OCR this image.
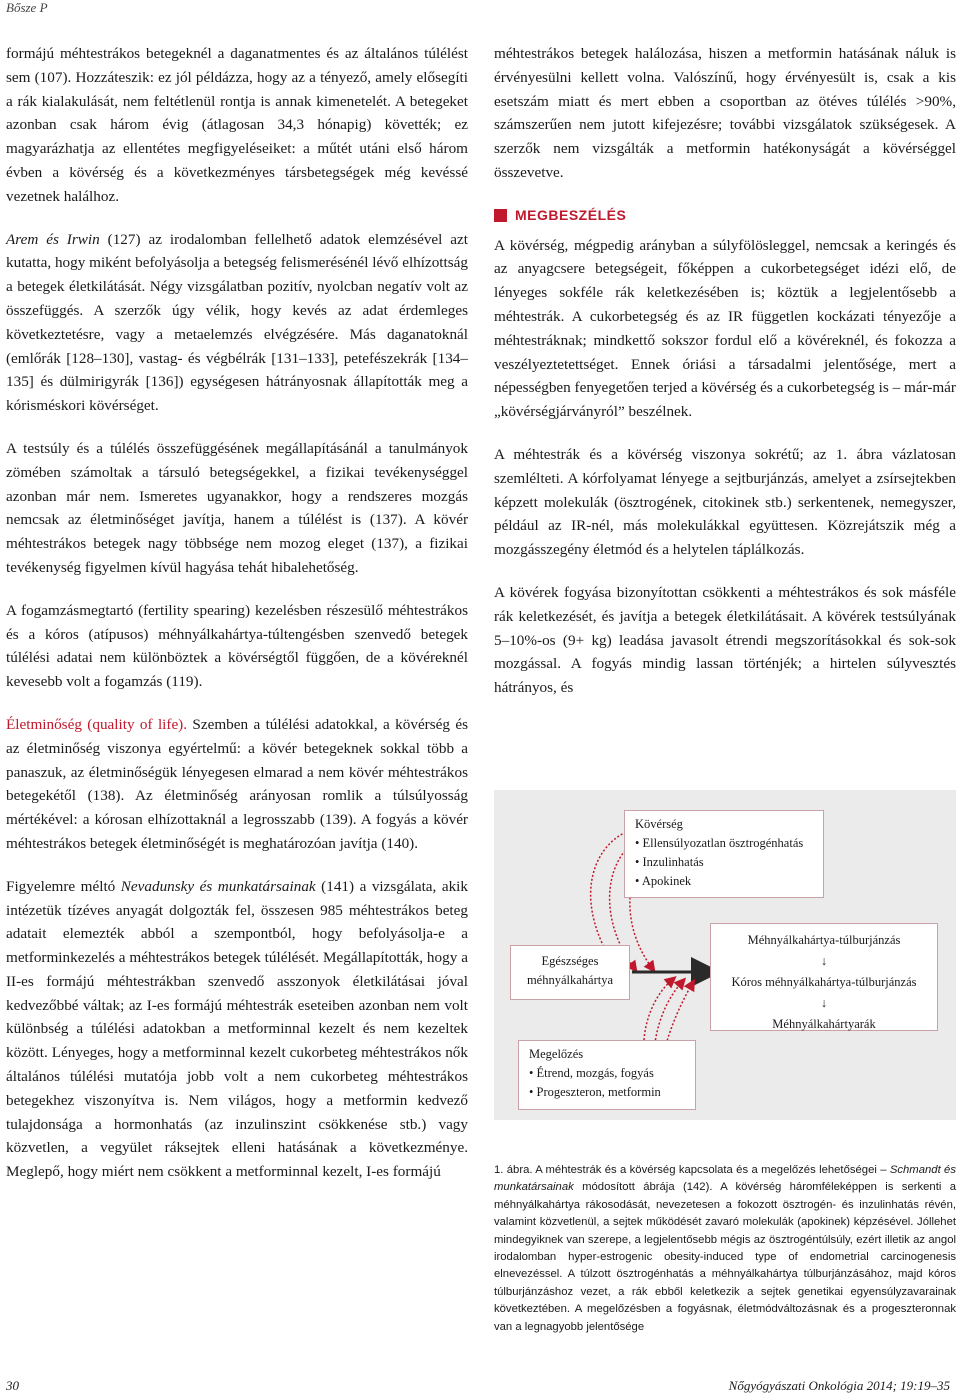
Bősze P

formájú méhtestrákos betegeknél a daganatmentes és az általános túlélést sem (107). Hozzáteszik: ez jól példázza, hogy az a tényező, amely elősegíti a rák kialakulását, nem feltétlenül rontja is annak kimenetelét. A betegeket azonban csak három évig (átlagosan 34,3 hónapig) követték; ez magyarázhatja az ellentétes megfigyeléseiket: a műtét utáni első három évben a kövérség és a következményes társbetegségek még kevéssé vezetnek halálhoz.

Arem és Irwin (127) az irodalomban fellelhető adatok elemzésével azt kutatta, hogy miként befolyásolja a betegség felismerésénél lévő elhízottság a betegek életkilátását. Négy vizsgálatban pozitív, nyolcban negatív volt az összefüggés. A szerzők úgy vélik, hogy kevés az adat érdemleges következtetésre, vagy a metaelemzés elvégzésére. Más daganatoknál (emlőrák [128–130], vastag- és végbélrák [131–133], petefészekrák [134–135] és dülmirigyrák [136]) egységesen hátrányosnak állapították meg a kórisméskori kövérséget.

A testsúly és a túlélés összefüggésének megállapításánál a tanulmányok zömében számoltak a társuló betegségekkel, a fizikai tevékenységgel azonban már nem. Ismeretes ugyanakkor, hogy a rendszeres mozgás nemcsak az életminőséget javítja, hanem a túlélést is (137). A kövér méhtestrákos betegek nagy többsége nem mozog eleget (137), a fizikai tevékenység figyelmen kívül hagyása tehát hibalehetőség.

A fogamzásmegtartó (fertility spearing) kezelésben részesülő méhtestrákos és a kóros (atípusos) méhnyálkahártya-túltengésben szenvedő betegek túlélési adatai nem különböztek a kövérségtől függően, de a kövéreknél kevesebb volt a fogamzás (119).

Életminőség (quality of life). Szemben a túlélési adatokkal, a kövérség és az életminőség viszonya egyértelmű: a kövér betegeknek sokkal több a panaszuk, az életminőségük lényegesen elmarad a nem kövér méhtestrákos betegekétől (138). Az életminőség arányosan romlik a túlsúlyosság mértékével: a kórosan elhízottaknál a legrosszabb (139). A fogyás a kövér méhtestrákos betegek életminőségét is meghatározóan javítja (140).

Figyelemre méltó Nevadunsky és munkatársainak (141) a vizsgálata, akik intézetük tízéves anyagát dolgozták fel, összesen 985 méhtestrákos beteg adatait elemezték abból a szempontból, hogy befolyásolja-e a metforminkezelés a méhtestrákos betegek túlélését. Megállapították, hogy a II-es formájú méhtestrákban szenvedő asszonyok életkilátásai jóval kedvezőbbé váltak; az I-es formájú méhtestrák eseteiben azonban nem volt különbség a túlélési adatokban a metforminnal kezelt és nem kezeltek között. Lényeges, hogy a metforminnal kezelt cukorbeteg méhtestrákos nők általános túlélési mutatója jobb volt a nem cukorbeteg méhtestrákos betegekhez viszonyítva is. Nem világos, hogy a metformin kedvező tulajdonsága a hormonhatás (az inzulinszint csökkenése stb.) vagy közvetlen, a vegyület ráksejtek elleni hatásának a következménye. Meglepő, hogy miért nem csökkent a metforminnal kezelt, I-es formájú

méhtestrákos betegek halálozása, hiszen a metformin hatásának náluk is érvényesülni kellett volna. Valószínű, hogy érvényesült is, csak a kis esetszám miatt és mert ebben a csoportban az ötéves túlélés >90%, számszerűen nem jutott kifejezésre; további vizsgálatok szükségesek. A szerzők nem vizsgálták a metformin hatékonyságát a kövérséggel összevetve.

MEGBESZÉLÉS

A kövérség, mégpedig arányban a súlyfölösleggel, nemcsak a keringés és az anyagcsere betegségeit, főképpen a cukorbetegséget idézi elő, de lényeges sokféle rák keletkezésében is; köztük a legjelentősebb a méhtestrák. A cukorbetegség és az IR független kockázati tényezője a méhtestráknak; mindkettő sokszor fordul elő a kövéreknél, és fokozza a veszélyeztetettséget. Ennek óriási a társadalmi jelentősége, mert a népességben fenyegetően terjed a kövérség és a cukorbetegség is – már-már „kövérségjárványról” beszélnek.

A méhtestrák és a kövérség viszonya sokrétű; az 1. ábra vázlatosan szemlélteti. A kórfolyamat lényege a sejtburjánzás, amelyet a zsírsejtekben képzett molekulák (ösztrogének, citokinek stb.) serkentenek, nemegyszer, például az IR-nél, más molekulákkal együttesen. Közrejátszik még a mozgásszegény életmód és a helytelen táplálkozás.

A kövérek fogyása bizonyítottan csökkenti a méhtestrákos és sok másféle rák keletkezését, és javítja a betegek életkilátásait. A kövérek testsúlyának 5–10%-os (9+ kg) leadása javasolt étrendi megszorításokkal és sok-sok mozgással. A fogyás mindig lassan történjék; a hirtelen súlyvesztés hátrányos, és

Kövérség
• Ellensúlyozatlan ösztrogénhatás
• Inzulinhatás
• Apokinek
Egészséges
méhnyálkahártya
Méhnyálkahártya-túlburjánzás
↓
Kóros méhnyálkahártya-túlburjánzás
↓
Méhnyálkahártyarák
Megelőzés
• Étrend, mozgás, fogyás
• Progeszteron, metformin
1. ábra. A méhtestrák és a kövérség kapcsolata és a megelőzés lehetőségei – Schmandt és munkatársainak módosított ábrája (142). A kövérség háromféleképpen is serkenti a méhnyálkahártya rákosodását, nevezetesen a fokozott ösztrogén- és inzulinhatás révén, valamint közvetlenül, a sejtek működését zavaró molekulák (apokinek) képzésével. Jóllehet mindegyiknek van szerepe, a legjelentősebb mégis az ösztrogéntúlsúly, ezért illetik az angol irodalomban hyper-estrogenic obesity-induced type of endometrial carcinogenesis elnevezéssel. A túlzott ösztrogénhatás a méhnyálkahártya túlburjánzásához, majd kóros túlburjánzáshoz vezet, a rák ebből keletkezik a sejtek genetikai egyensúlyzavarainak következtében. A megelőzésben a fogyásnak, életmódváltozásnak és a progeszteronnak van a legnagyobb jelentősége
30	Nőgyógyászati Onkológia 2014; 19:19–35
